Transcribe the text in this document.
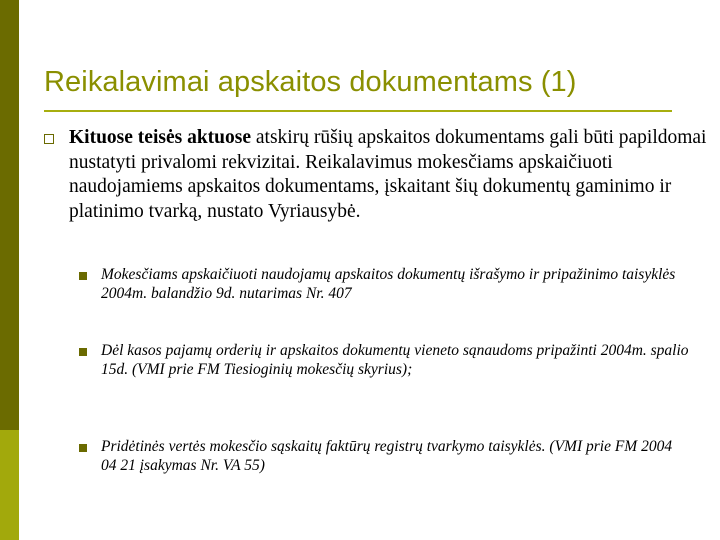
Reikalavimai apskaitos dokumentams (1)
Kituose teisės aktuose atskirų rūšių apskaitos dokumentams gali būti papildomai nustatyti privalomi rekvizitai. Reikalavimus mokesčiams apskaičiuoti naudojamiems apskaitos dokumentams, įskaitant šių dokumentų gaminimo ir platinimo tvarką, nustato Vyriausybė.
Mokesčiams apskaičiuoti naudojamų apskaitos dokumentų išrašymo ir pripažinimo taisyklės 2004m. balandžio 9d. nutarimas Nr. 407
Dėl kasos pajamų orderių ir apskaitos dokumentų vieneto sąnaudoms pripažinti 2004m. spalio 15d. (VMI prie FM Tiesioginių mokesčių skyrius);
Pridėtinės vertės mokesčio sąskaitų faktūrų registrų tvarkymo taisyklės. (VMI prie FM 2004 04 21 įsakymas Nr. VA 55)
